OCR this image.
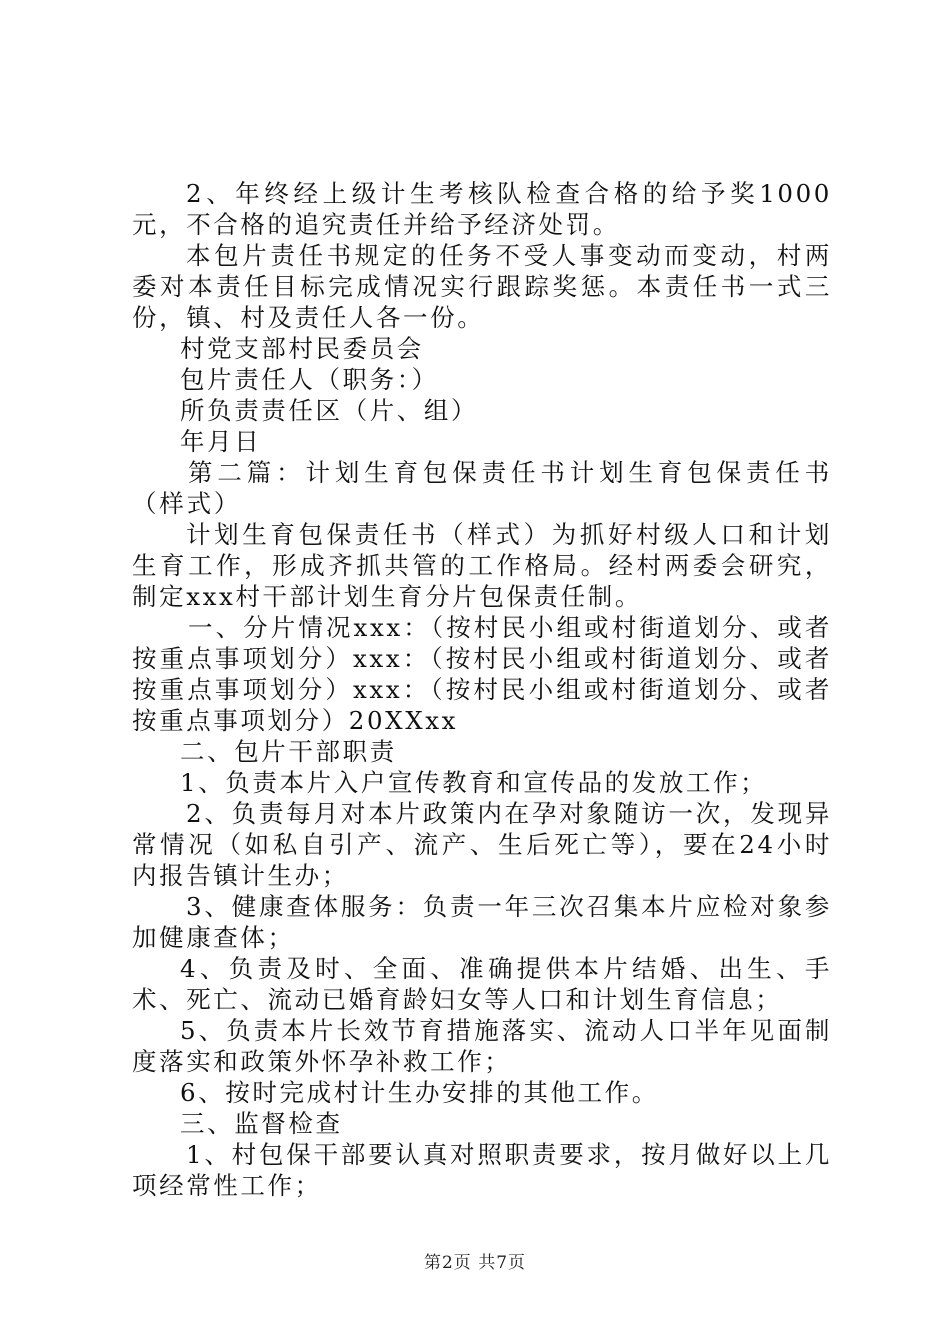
2、年终经上级计生考核队检查合格的给予奖1000元，不合格的追究责任并给予经济处罚。

本包片责任书规定的任务不受人事变动而变动，村两委对本责任目标完成情况实行跟踪奖惩。本责任书一式三份，镇、村及责任人各一份。

村党支部村民委员会

包片责任人（职务：）

所负责责任区（片、组）

年月日

第二篇：计划生育包保责任书计划生育包保责任书（样式）

计划生育包保责任书（样式）为抓好村级人口和计划生育工作，形成齐抓共管的工作格局。经村两委会研究，制定xxx村干部计划生育分片包保责任制。

一、分片情况xxx：（按村民小组或村街道划分、或者按重点事项划分）xxx：（按村民小组或村街道划分、或者按重点事项划分）xxx：（按村民小组或村街道划分、或者按重点事项划分）20XXxx

二、包片干部职责

1、负责本片入户宣传教育和宣传品的发放工作；

2、负责每月对本片政策内在孕对象随访一次，发现异常情况（如私自引产、流产、生后死亡等），要在24小时内报告镇计生办；

3、健康查体服务：负责一年三次召集本片应检对象参加健康查体；

4、负责及时、全面、准确提供本片结婚、出生、手术、死亡、流动已婚育龄妇女等人口和计划生育信息；

5、负责本片长效节育措施落实、流动人口半年见面制度落实和政策外怀孕补救工作；

6、按时完成村计生办安排的其他工作。

三、监督检查

1、村包保干部要认真对照职责要求，按月做好以上几项经常性工作；

第2页 共7页
